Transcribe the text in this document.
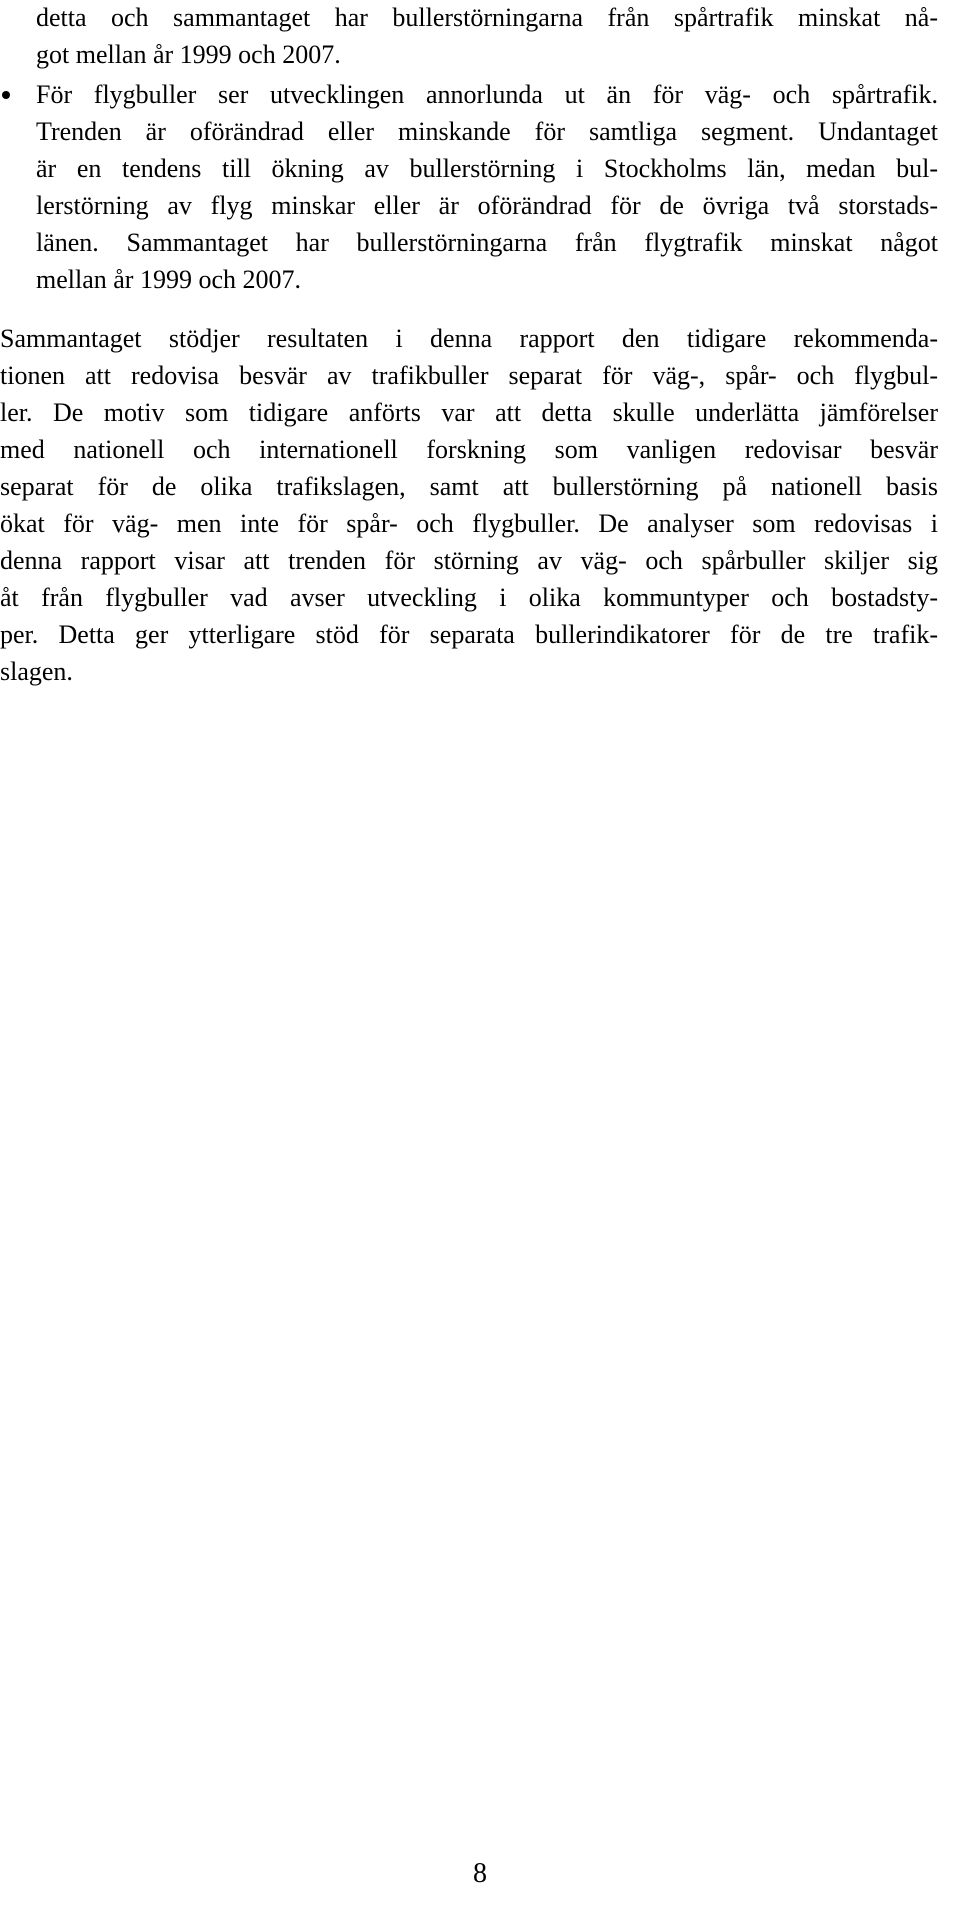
detta och sammantaget har bullerstörningarna från spårtrafik minskat nå-
got mellan år 1999 och 2007.
För flygbuller ser utvecklingen annorlunda ut än för väg- och spårtrafik.
Trenden är oförändrad eller minskande för samtliga segment. Undantaget
är en tendens till ökning av bullerstörning i Stockholms län, medan bul-
lerstörning av flyg minskar eller är oförändrad för de övriga två storstads-
länen. Sammantaget har bullerstörningarna från flygtrafik minskat något
mellan år 1999 och 2007.
Sammantaget stödjer resultaten i denna rapport den tidigare rekommenda-
tionen att redovisa besvär av trafikbuller separat för väg-, spår- och flygbul-
ler. De motiv som tidigare anförts var att detta skulle underlätta jämförelser
med nationell och internationell forskning som vanligen redovisar besvär
separat för de olika trafikslagen, samt att bullerstörning på nationell basis
ökat för väg- men inte för spår- och flygbuller. De analyser som redovisas i
denna rapport visar att trenden för störning av väg- och spårbuller skiljer sig
åt från flygbuller vad avser utveckling i olika kommuntyper och bostadsty-
per. Detta ger ytterligare stöd för separata bullerindikatorer för de tre trafik-
slagen.
8
